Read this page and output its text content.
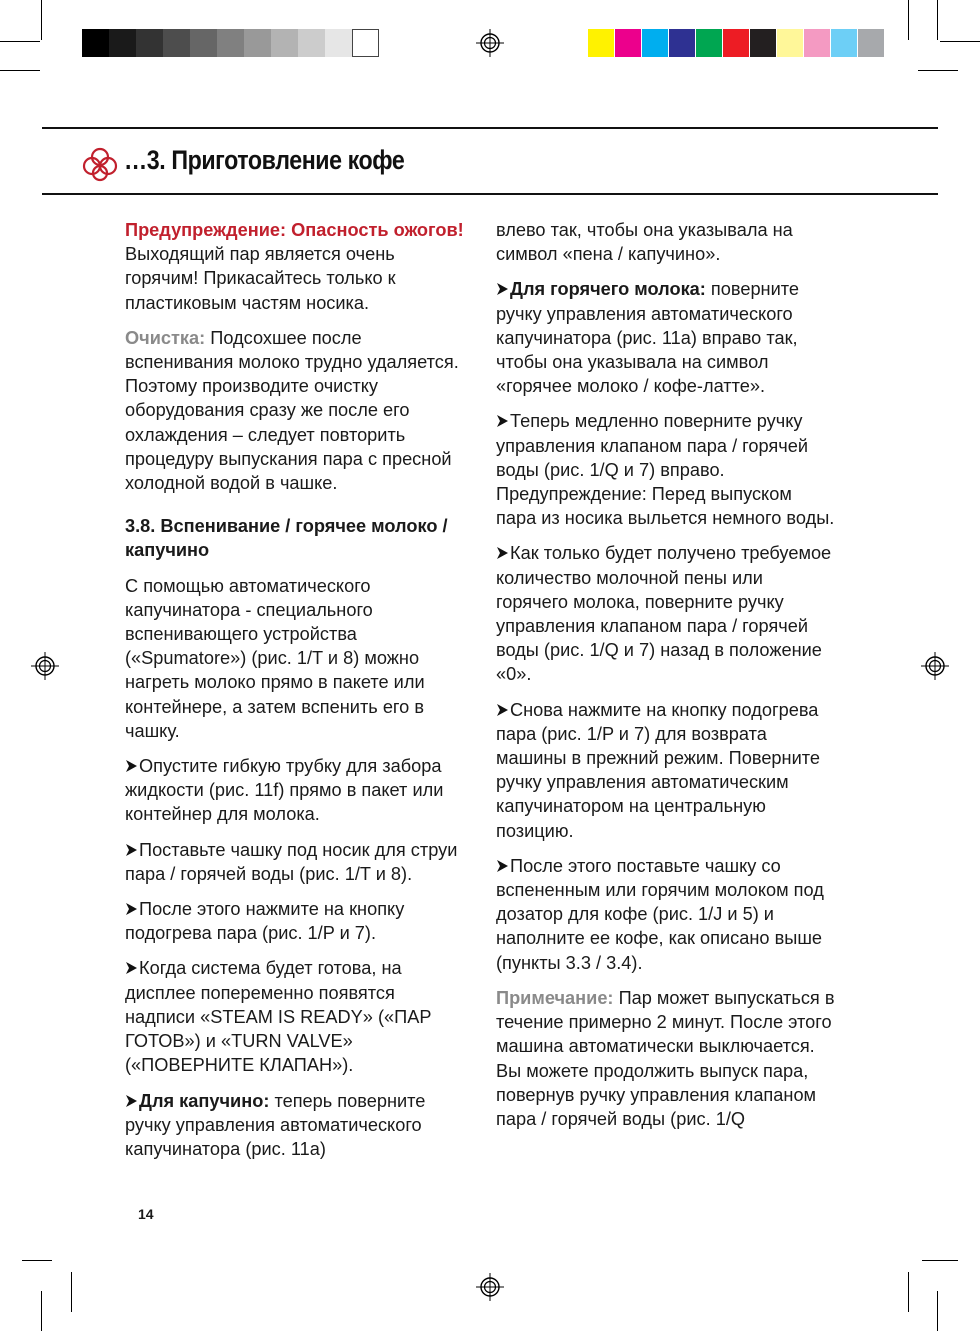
…3. Приготовление кофе

Предупреждение: Опасность ожогов! Выходящий пар является очень горячим! Прикасайтесь только к пластиковым частям носика.

Очистка: Подсохшее после вспенивания молоко трудно удаляется. Поэтому производите очистку оборудования сразу же после его охлаждения – следует повторить процедуру выпускания пара с пресной холодной водой в чашке.

3.8. Вспенивание / горячее молоко / капучино

С помощью автоматического капучинатора - специального вспенивающего устройства («Spumatore») (рис. 1/T и 8) можно нагреть молоко прямо в пакете или контейнере, а затем вспенить его в чашку.

Опустите гибкую трубку для забора жидкости (рис. 11f) прямо в пакет или контейнер для молока.

Поставьте чашку под носик для струи пара / горячей воды (рис. 1/T и 8).

После этого нажмите на кнопку подогрева пара (рис. 1/P и 7).

Когда система будет готова, на дисплее попеременно появятся надписи «STEAM IS READY» («ПАР ГОТОВ») и «TURN VALVE» («ПОВЕРНИТЕ КЛАПАН»).

Для капучино: теперь поверните ручку управления автоматического капучинатора (рис. 11a)

влево так, чтобы она указывала на символ «пена / капучино».

Для горячего молока: поверните ручку управления автоматического капучинатора (рис. 11a) вправо так, чтобы она указывала на символ «горячее молоко / кофе-латте».

Теперь медленно поверните ручку управления клапаном пара / горячей воды (рис. 1/Q и 7) вправо. Предупреждение: Перед выпуском пара из носика выльется немного воды.

Как только будет получено требуемое количество молочной пены или горячего молока, поверните ручку управления клапаном пара / горячей воды (рис. 1/Q и 7) назад в положение «0».

Снова нажмите на кнопку подогрева пара (рис. 1/P и 7) для возврата машины в прежний режим. Поверните ручку управления автоматическим капучинатором на центральную позицию.

После этого поставьте чашку со вспененным или горячим молоком под дозатор для кофе (рис. 1/J и 5) и наполните ее кофе, как описано выше (пункты 3.3 / 3.4).

Примечание: Пар может выпускаться в течение примерно 2 минут. После этого машина автоматически выключается. Вы можете продолжить выпуск пара, повернув ручку управления клапаном пара / горячей воды (рис. 1/Q

14
